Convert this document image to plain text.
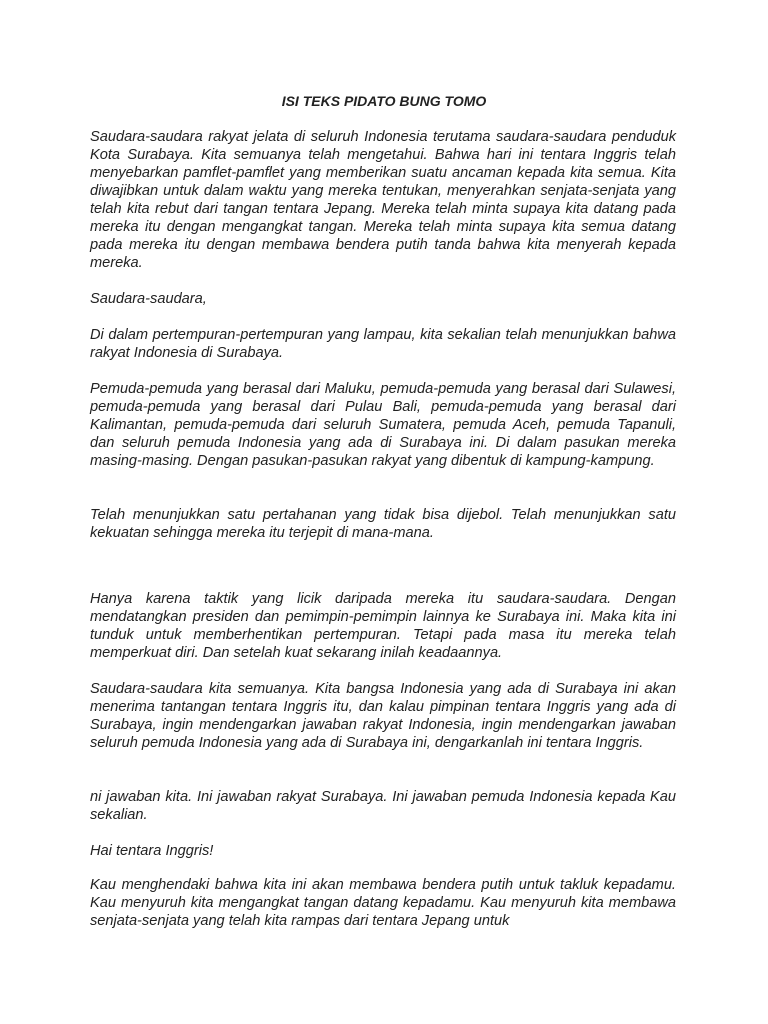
ISI TEKS PIDATO BUNG TOMO

Saudara-saudara rakyat jelata di seluruh Indonesia terutama saudara-saudara penduduk Kota Surabaya. Kita semuanya telah mengetahui. Bahwa hari ini tentara Inggris telah menyebarkan pamflet-pamflet yang memberikan suatu ancaman kepada kita semua. Kita diwajibkan untuk dalam waktu yang mereka tentukan, menyerahkan senjata-senjata yang telah kita rebut dari tangan tentara Jepang. Mereka telah minta supaya kita datang pada mereka itu dengan mengangkat tangan. Mereka telah minta supaya kita semua datang pada mereka itu dengan membawa bendera putih tanda bahwa kita menyerah kepada mereka.

Saudara-saudara,

Di dalam pertempuran-pertempuran yang lampau, kita sekalian telah menunjukkan bahwa rakyat Indonesia di Surabaya.

Pemuda-pemuda yang berasal dari Maluku, pemuda-pemuda yang berasal dari Sulawesi, pemuda-pemuda yang berasal dari Pulau Bali, pemuda-pemuda yang berasal dari Kalimantan, pemuda-pemuda dari seluruh Sumatera, pemuda Aceh, pemuda Tapanuli, dan seluruh pemuda Indonesia yang ada di Surabaya ini. Di dalam pasukan mereka masing-masing. Dengan pasukan-pasukan rakyat yang dibentuk di kampung-kampung.

Telah menunjukkan satu pertahanan yang tidak bisa dijebol. Telah menunjukkan satu kekuatan sehingga mereka itu terjepit di mana-mana.

Hanya karena taktik yang licik daripada mereka itu saudara-saudara. Dengan mendatangkan presiden dan pemimpin-pemimpin lainnya ke Surabaya ini. Maka kita ini tunduk untuk memberhentikan pertempuran. Tetapi pada masa itu mereka telah memperkuat diri. Dan setelah kuat sekarang inilah keadaannya.

Saudara-saudara kita semuanya. Kita bangsa Indonesia yang ada di Surabaya ini akan menerima tantangan tentara Inggris itu, dan kalau pimpinan tentara Inggris yang ada di Surabaya, ingin mendengarkan jawaban rakyat Indonesia, ingin mendengarkan jawaban seluruh pemuda Indonesia yang ada di Surabaya ini, dengarkanlah ini tentara Inggris.

ni jawaban kita. Ini jawaban rakyat Surabaya. Ini jawaban pemuda Indonesia kepada Kau sekalian.

Hai tentara Inggris!

Kau menghendaki bahwa kita ini akan membawa bendera putih untuk takluk kepadamu. Kau menyuruh kita mengangkat tangan datang kepadamu. Kau menyuruh kita membawa senjata-senjata yang telah kita rampas dari tentara Jepang untuk
